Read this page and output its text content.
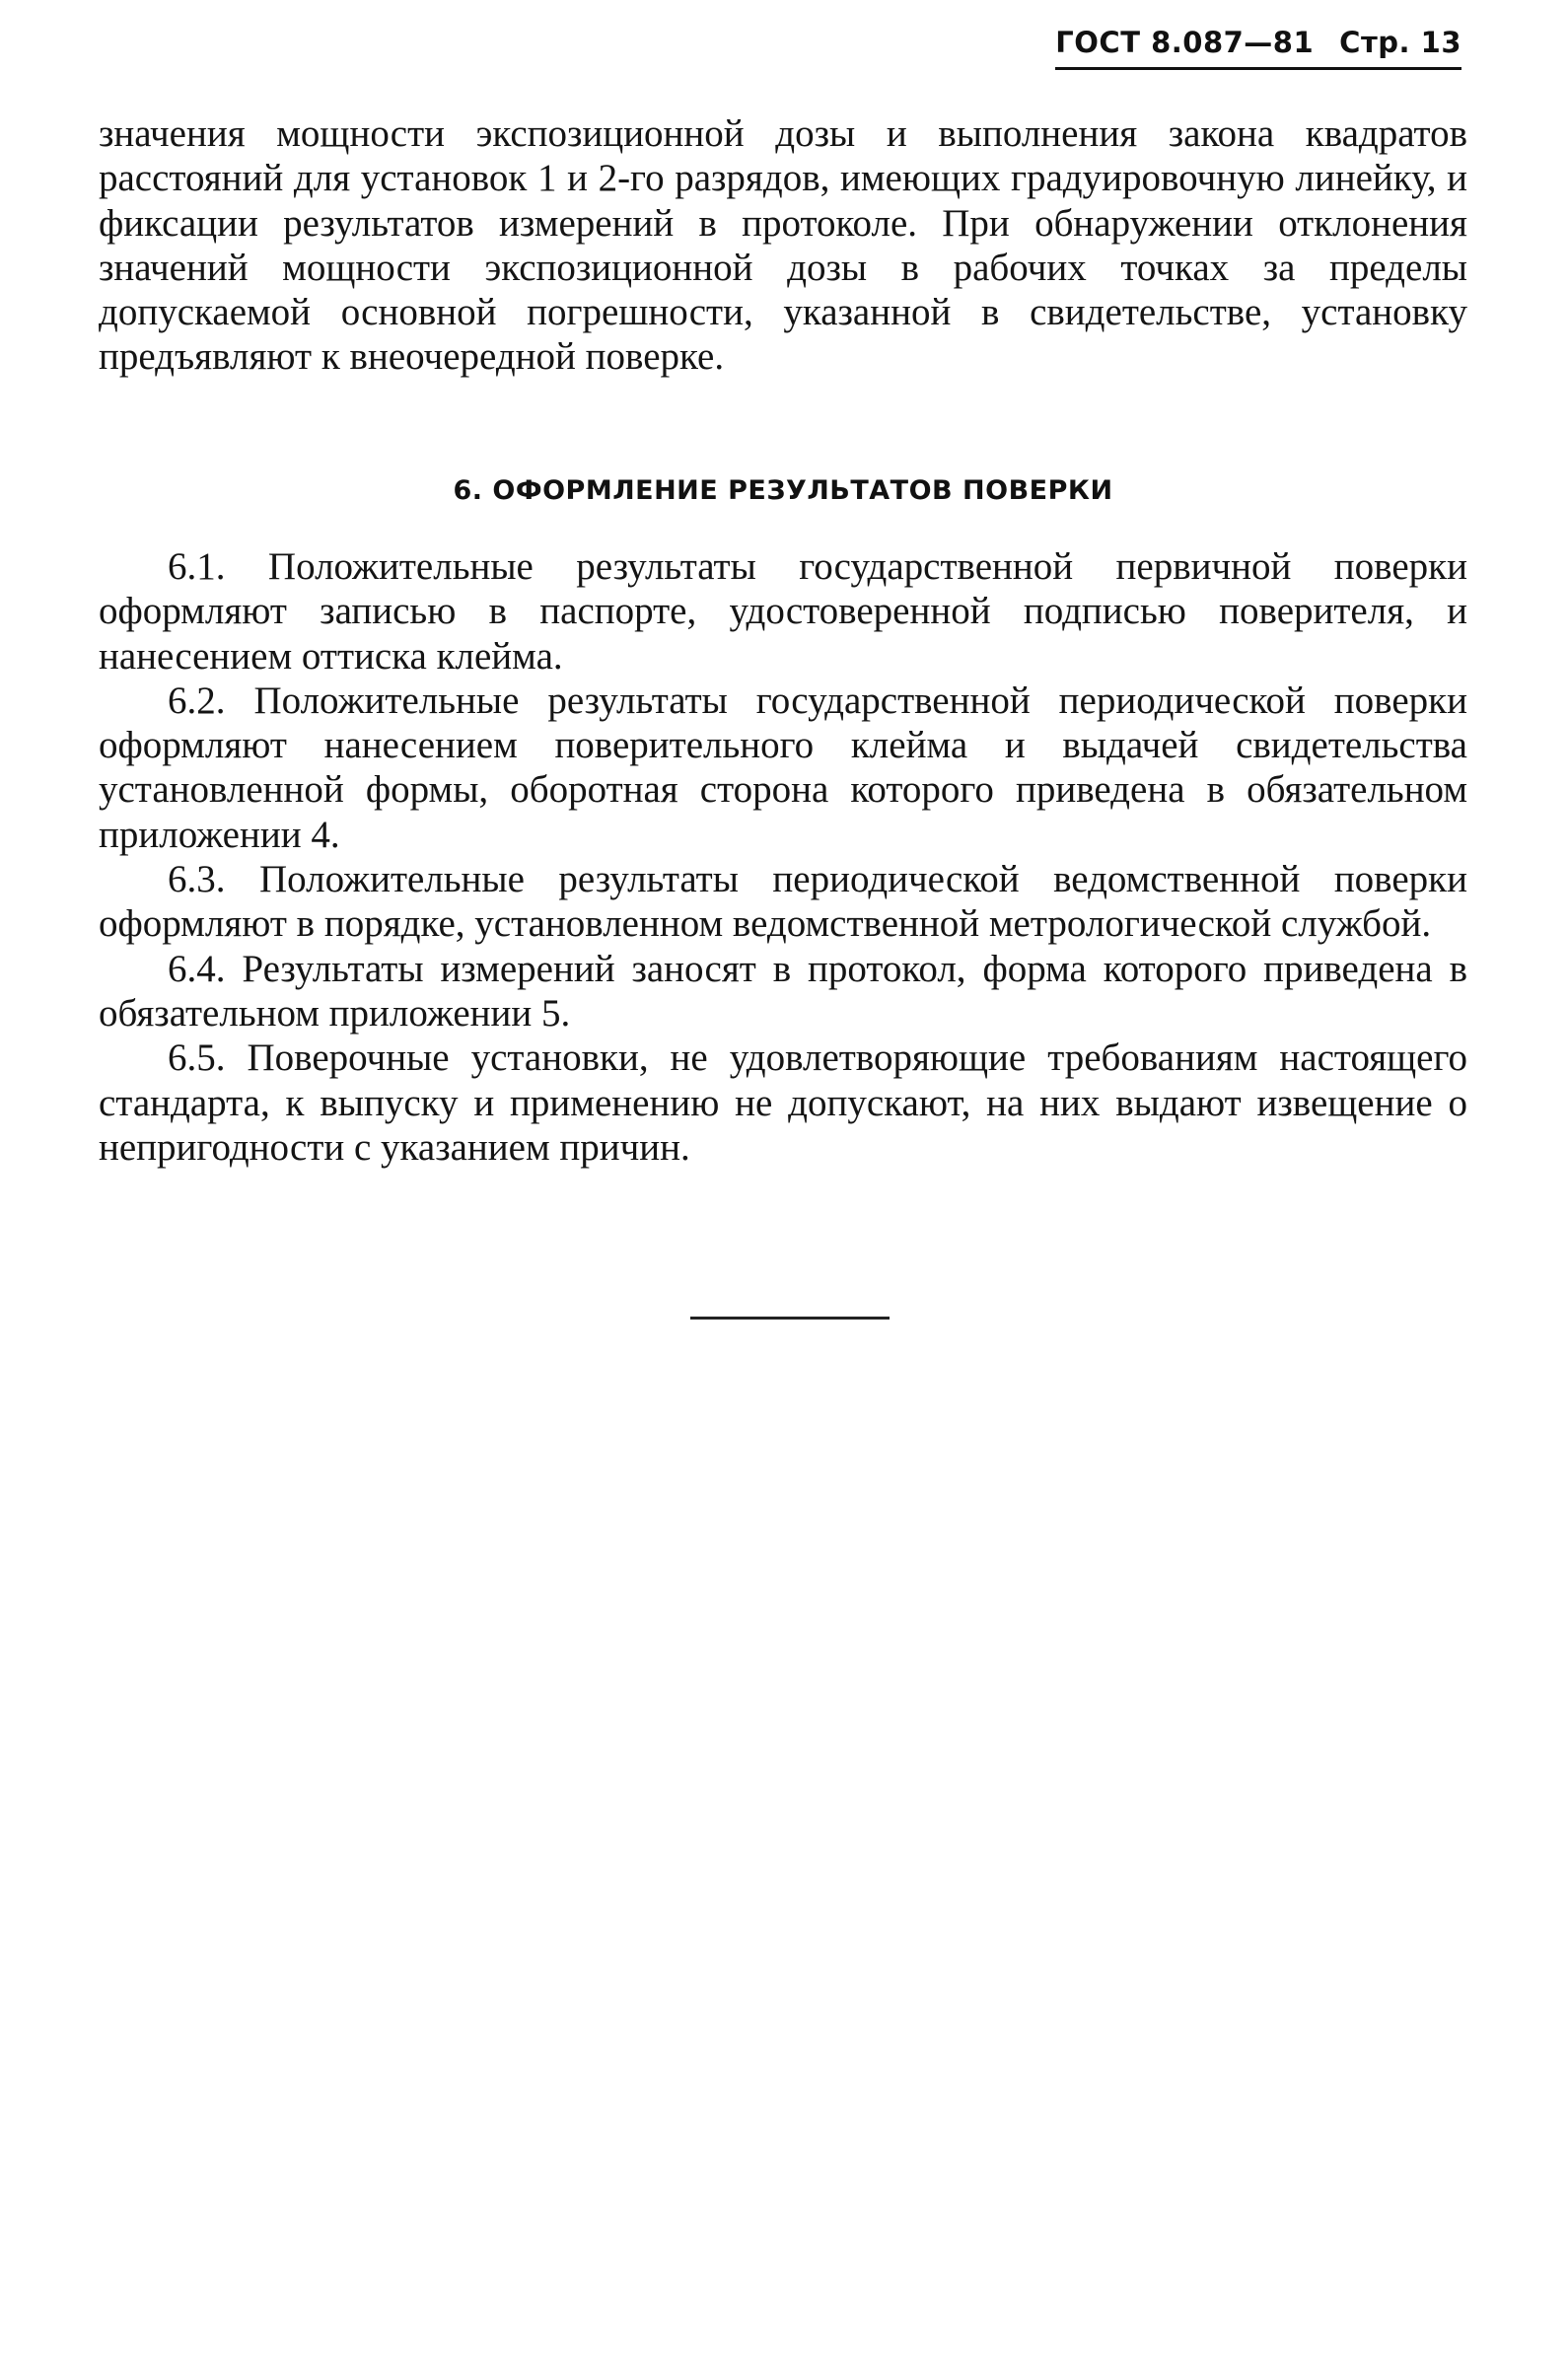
ГОСТ 8.087—81 Стр. 13

значения мощности экспозиционной дозы и выполнения закона квадратов расстояний для установок 1 и 2-го разрядов, имеющих градуировочную линейку, и фиксации результатов измерений в протоколе. При обнаружении отклонения значений мощности экспозиционной дозы в рабочих точках за пределы допускаемой основной погрешности, указанной в свидетельстве, установку предъявляют к внеочередной поверке.

6. ОФОРМЛЕНИЕ РЕЗУЛЬТАТОВ ПОВЕРКИ

6.1. Положительные результаты государственной первичной поверки оформляют записью в паспорте, удостоверенной подписью поверителя, и нанесением оттиска клейма.

6.2. Положительные результаты государственной периодической поверки оформляют нанесением поверительного клейма и выдачей свидетельства установленной формы, оборотная сторона которого приведена в обязательном приложении 4.

6.3. Положительные результаты периодической ведомственной поверки оформляют в порядке, установленном ведомственной метрологической службой.

6.4. Результаты измерений заносят в протокол, форма которого приведена в обязательном приложении 5.

6.5. Поверочные установки, не удовлетворяющие требованиям настоящего стандарта, к выпуску и применению не допускают, на них выдают извещение о непригодности с указанием причин.
